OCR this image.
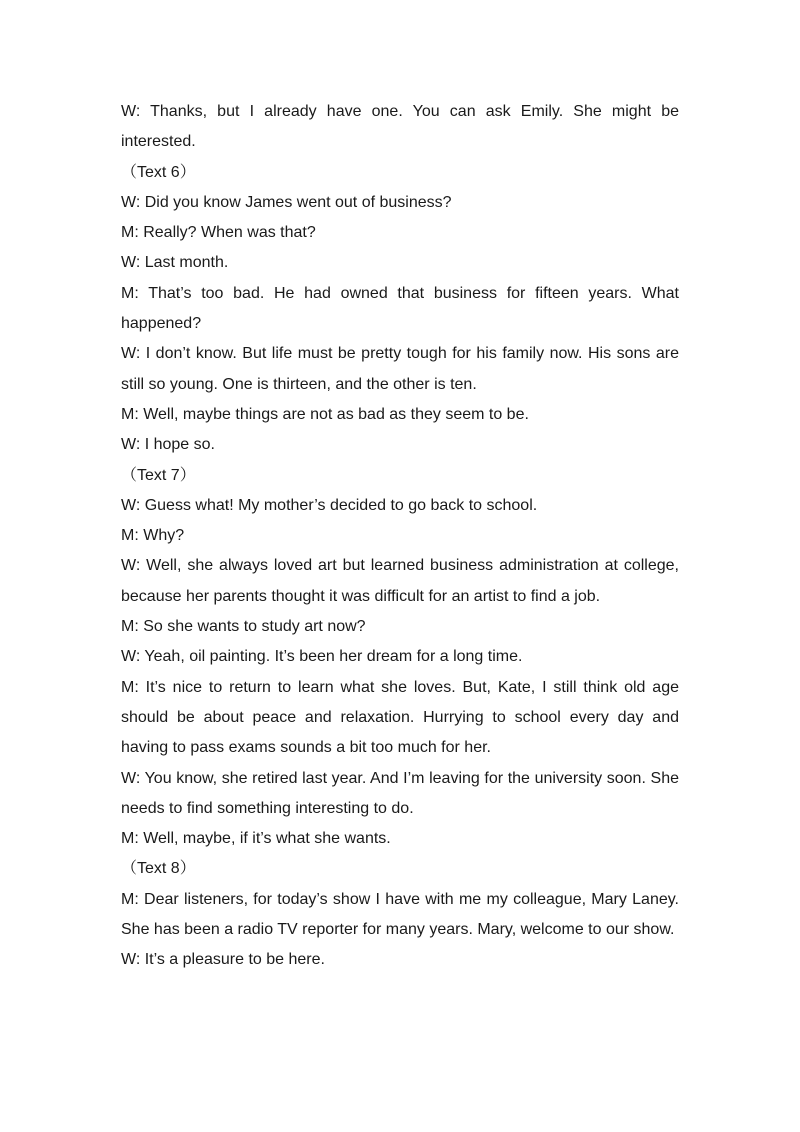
W: Thanks, but I already have one. You can ask Emily. She might be interested.

（Text 6）

W: Did you know James went out of business?

M: Really? When was that?

W: Last month.

M: That’s too bad. He had owned that business for fifteen years. What happened?

W: I don’t know. But life must be pretty tough for his family now. His sons are still so young. One is thirteen, and the other is ten.

M: Well, maybe things are not as bad as they seem to be.

W: I hope so.

（Text 7）

W: Guess what! My mother’s decided to go back to school.

M: Why?

W: Well, she always loved art but learned business administration at college, because her parents thought it was difficult for an artist to find a job.

M: So she wants to study art now?

W: Yeah, oil painting. It’s been her dream for a long time.

M: It’s nice to return to learn what she loves. But, Kate, I still think old age should be about peace and relaxation. Hurrying to school every day and having to pass exams sounds a bit too much for her.

W: You know, she retired last year. And I’m leaving for the university soon. She needs to find something interesting to do.

M: Well, maybe, if it’s what she wants.

（Text 8）

M: Dear listeners, for today’s show I have with me my colleague, Mary Laney. She has been a radio TV reporter for many years. Mary, welcome to our show.

W: It’s a pleasure to be here.
